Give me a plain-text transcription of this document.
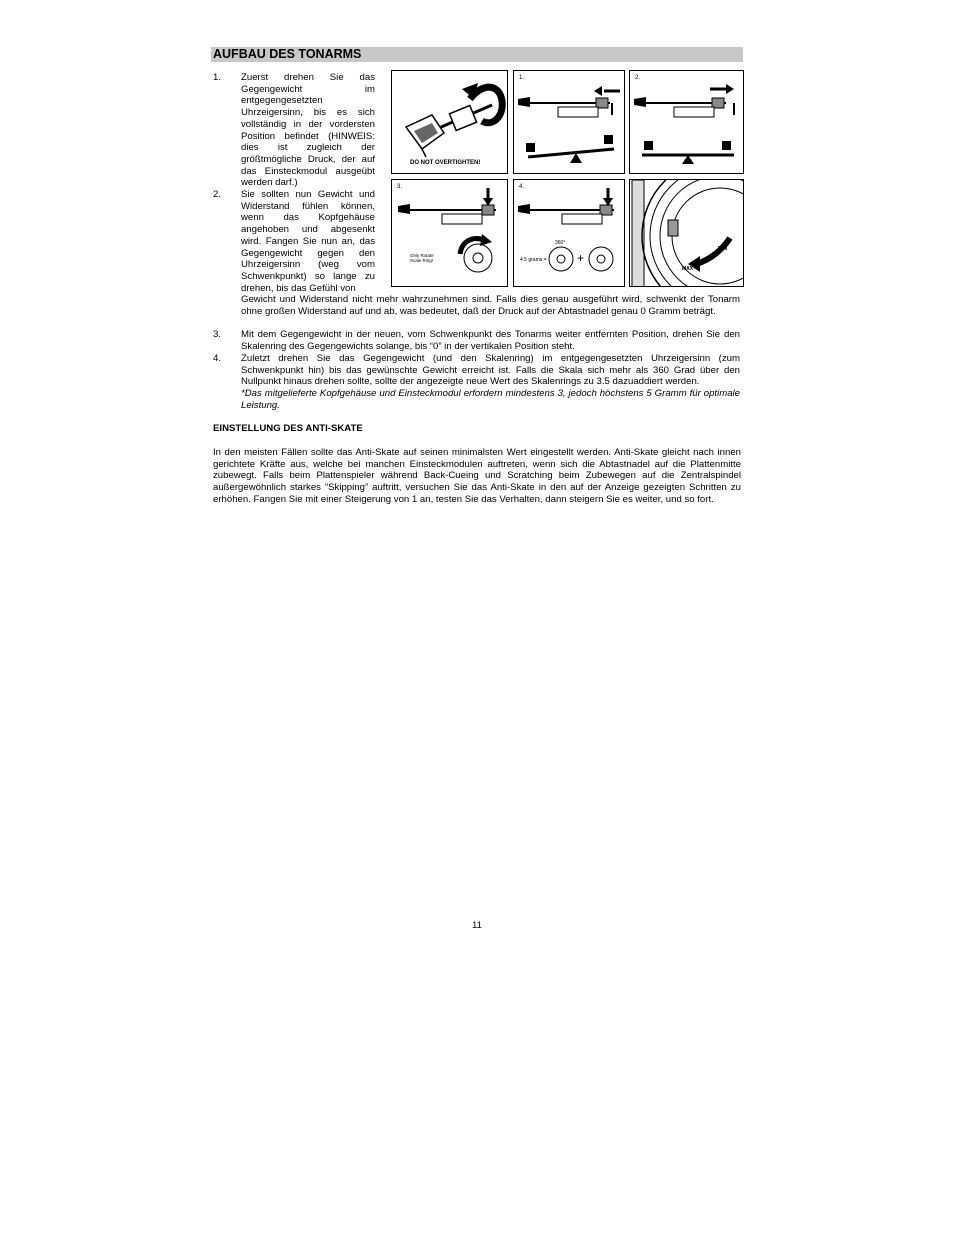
AUFBAU DES TONARMS
1.	Zuerst drehen Sie das Gegengewicht im entgegengesetzten Uhrzeigersinn, bis es sich vollständig in der vordersten Position befindet (HINWEIS: dies ist zugleich der größtmögliche Druck, der auf das Einsteckmodul ausgeübt werden darf.)
2.	Sie sollten nun Gewicht und Widerstand fühlen können, wenn das Kopfgehäuse angehoben und abgesenkt wird. Fangen Sie nun an, das Gegengewicht gegen den Uhrzeigersinn (weg vom Schwenkpunkt) so lange zu drehen, bis das Gefühl von
Gewicht und Widerstand nicht mehr wahrzunehmen sind. Falls dies genau ausgeführt wird, schwenkt der Tonarm ohne großen Widerstand auf und ab, was bedeutet, daß der Druck auf der Abtastnadel genau 0 Gramm beträgt.
3.	Mit dem Gegengewicht in der neuen, vom Schwenkpunkt des Tonarms weiter entfernten Position, drehen Sie den Skalenring des Gegengewichts solange, bis “0” in der vertikalen Position steht.
4.	Zuletzt drehen Sie das Gegengewicht (und den Skalenring) im entgegengesetzten Uhrzeigersinn (zum Schwenkpunkt hin) bis das gewünschte Gewicht erreicht ist. Falls die Skala sich mehr als 360 Grad über den Nullpunkt hinaus drehen sollte, sollte der angezeigte neue Wert des Skalenrings zu 3.5 dazuaddiert werden.
*Das mitgelieferte Kopfgehäuse und Einsteckmodul erfordern mindestens 3, jedoch höchstens 5 Gramm für optimale Leistung.
DO NOT OVERTIGHTEN!
1.	2.
3.
Only Rotate
Scale Ring!
4.
360°
4.5 grams =	+
MIN
MAX
EINSTELLUNG DES ANTI-SKATE
In den meisten Fällen sollte das Anti-Skate auf seinen minimalsten Wert eingestellt werden. Anti-Skate gleicht nach innen gerichtete Kräfte aus, welche bei manchen Einsteckmodulen auftreten, wenn sich die Abtastnadel auf die Plattenmitte zubewegt. Falls beim Plattenspieler während Back-Cueing und Scratching beim Zubewegen auf die Zentralspindel außergewöhnlich starkes “Skipping” auftritt, versuchen Sie das Anti-Skate in den auf der Anzeige gezeigten Schritten zu erhöhen. Fangen Sie mit einer Steigerung von 1 an, testen Sie das Verhalten, dann steigern Sie es weiter, und so fort.
11
